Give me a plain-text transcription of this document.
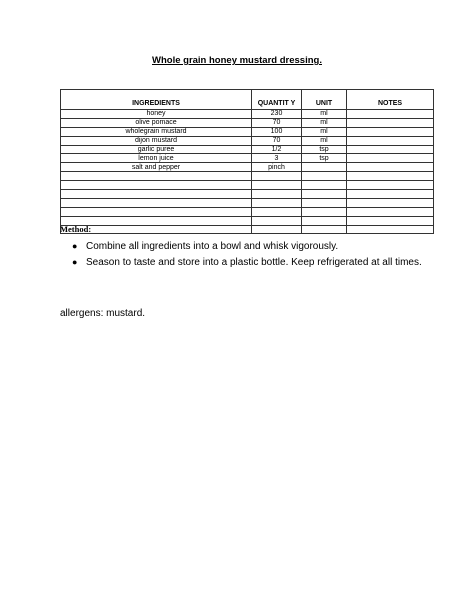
Whole grain honey mustard dressing.
INGREDIENTS	QUANTIT Y	UNIT	NOTES
honey	230	ml	
olive pomace	70	ml	
wholegrain mustard	100	ml	
dijon mustard	70	ml	
garlic puree	1/2	tsp	
lemon juice	3	tsp	
salt and pepper	pinch		

Method:
● Combine all ingredients into a bowl and whisk vigorously.
● Season to taste and store into a plastic bottle. Keep refrigerated at all times.
allergens: mustard.
